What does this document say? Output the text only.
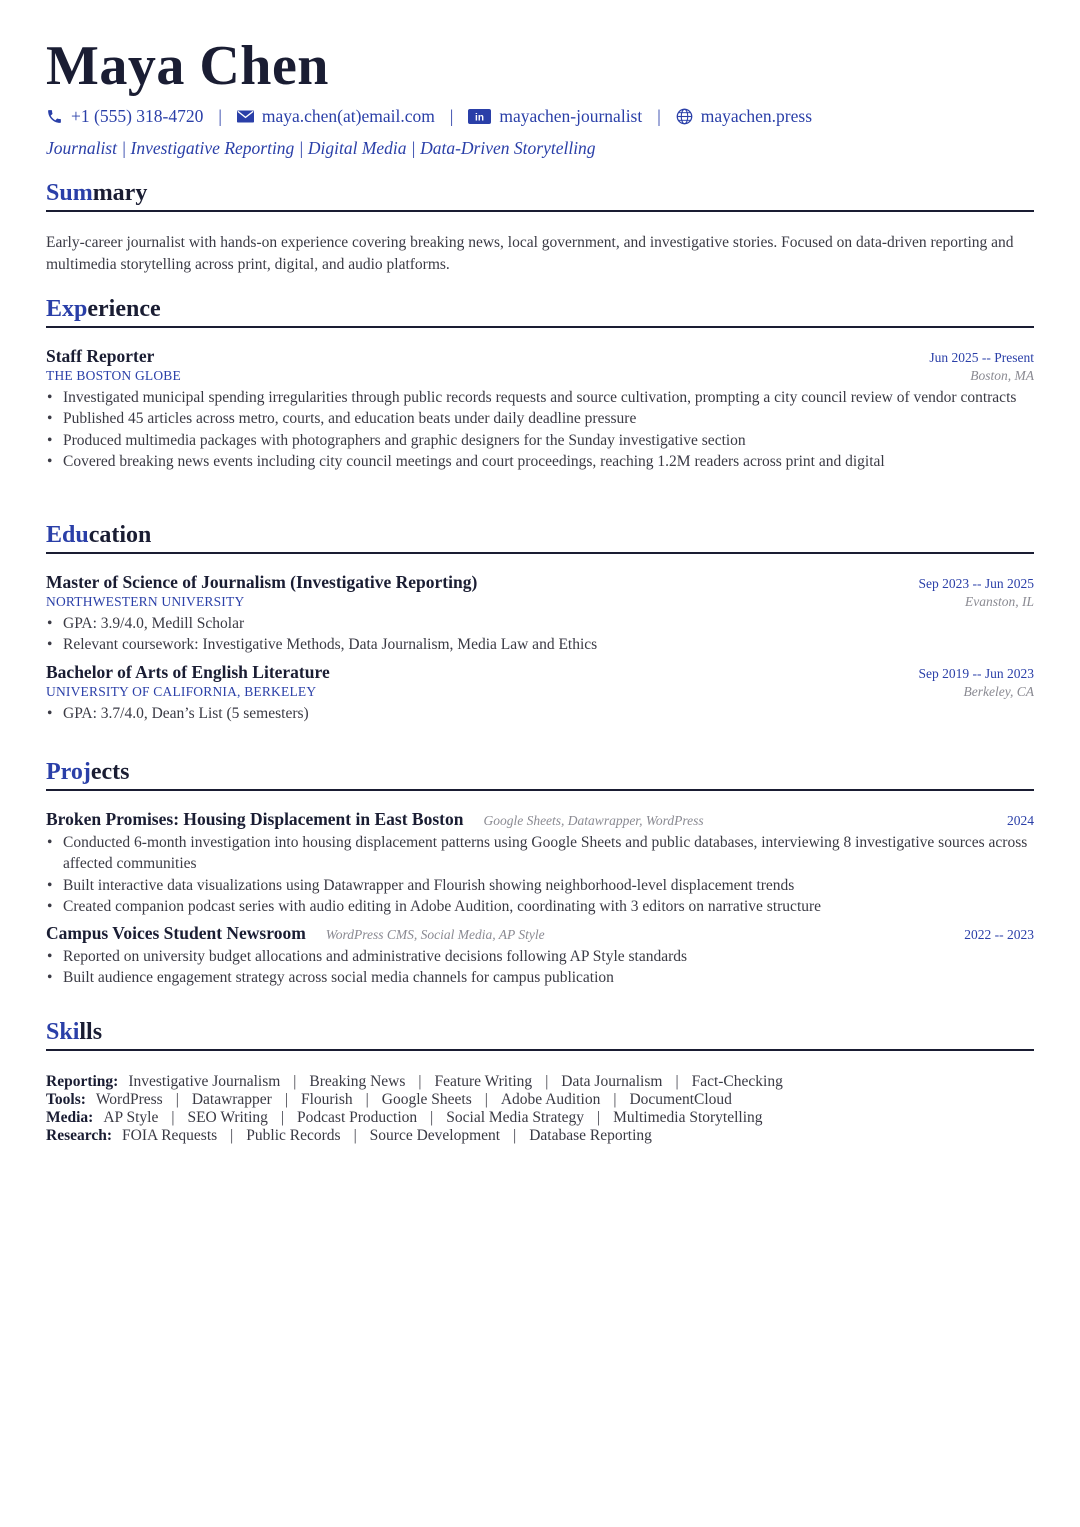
Maya Chen
+1 (555) 318-4720 | maya.chen(at)email.com | in mayachen-journalist | mayachen.press
Journalist | Investigative Reporting | Digital Media | Data-Driven Storytelling
Summary
Early-career journalist with hands-on experience covering breaking news, local government, and investigative stories. Focused on data-driven reporting and multimedia storytelling across print, digital, and audio platforms.
Experience
Staff Reporter	Jun 2025 -- Present
THE BOSTON GLOBE	Boston, MA
• Investigated municipal spending irregularities through public records requests and source cultivation, prompting a city council review of vendor contracts
• Published 45 articles across metro, courts, and education beats under daily deadline pressure
• Produced multimedia packages with photographers and graphic designers for the Sunday investigative section
• Covered breaking news events including city council meetings and court proceedings, reaching 1.2M readers across print and digital
Education
Master of Science of Journalism (Investigative Reporting)	Sep 2023 -- Jun 2025
NORTHWESTERN UNIVERSITY	Evanston, IL
• GPA: 3.9/4.0, Medill Scholar
• Relevant coursework: Investigative Methods, Data Journalism, Media Law and Ethics
Bachelor of Arts of English Literature	Sep 2019 -- Jun 2023
UNIVERSITY OF CALIFORNIA, BERKELEY	Berkeley, CA
• GPA: 3.7/4.0, Dean’s List (5 semesters)
Projects
Broken Promises: Housing Displacement in East Boston Google Sheets, Datawrapper, WordPress	2024
• Conducted 6-month investigation into housing displacement patterns using Google Sheets and public databases, interviewing 8 investigative sources across affected communities
• Built interactive data visualizations using Datawrapper and Flourish showing neighborhood-level displacement trends
• Created companion podcast series with audio editing in Adobe Audition, coordinating with 3 editors on narrative structure
Campus Voices Student Newsroom WordPress CMS, Social Media, AP Style	2022 -- 2023
• Reported on university budget allocations and administrative decisions following AP Style standards
• Built audience engagement strategy across social media channels for campus publication
Skills
Reporting: Investigative Journalism | Breaking News | Feature Writing | Data Journalism | Fact-Checking
Tools: WordPress | Datawrapper | Flourish | Google Sheets | Adobe Audition | DocumentCloud
Media: AP Style | SEO Writing | Podcast Production | Social Media Strategy | Multimedia Storytelling
Research: FOIA Requests | Public Records | Source Development | Database Reporting
